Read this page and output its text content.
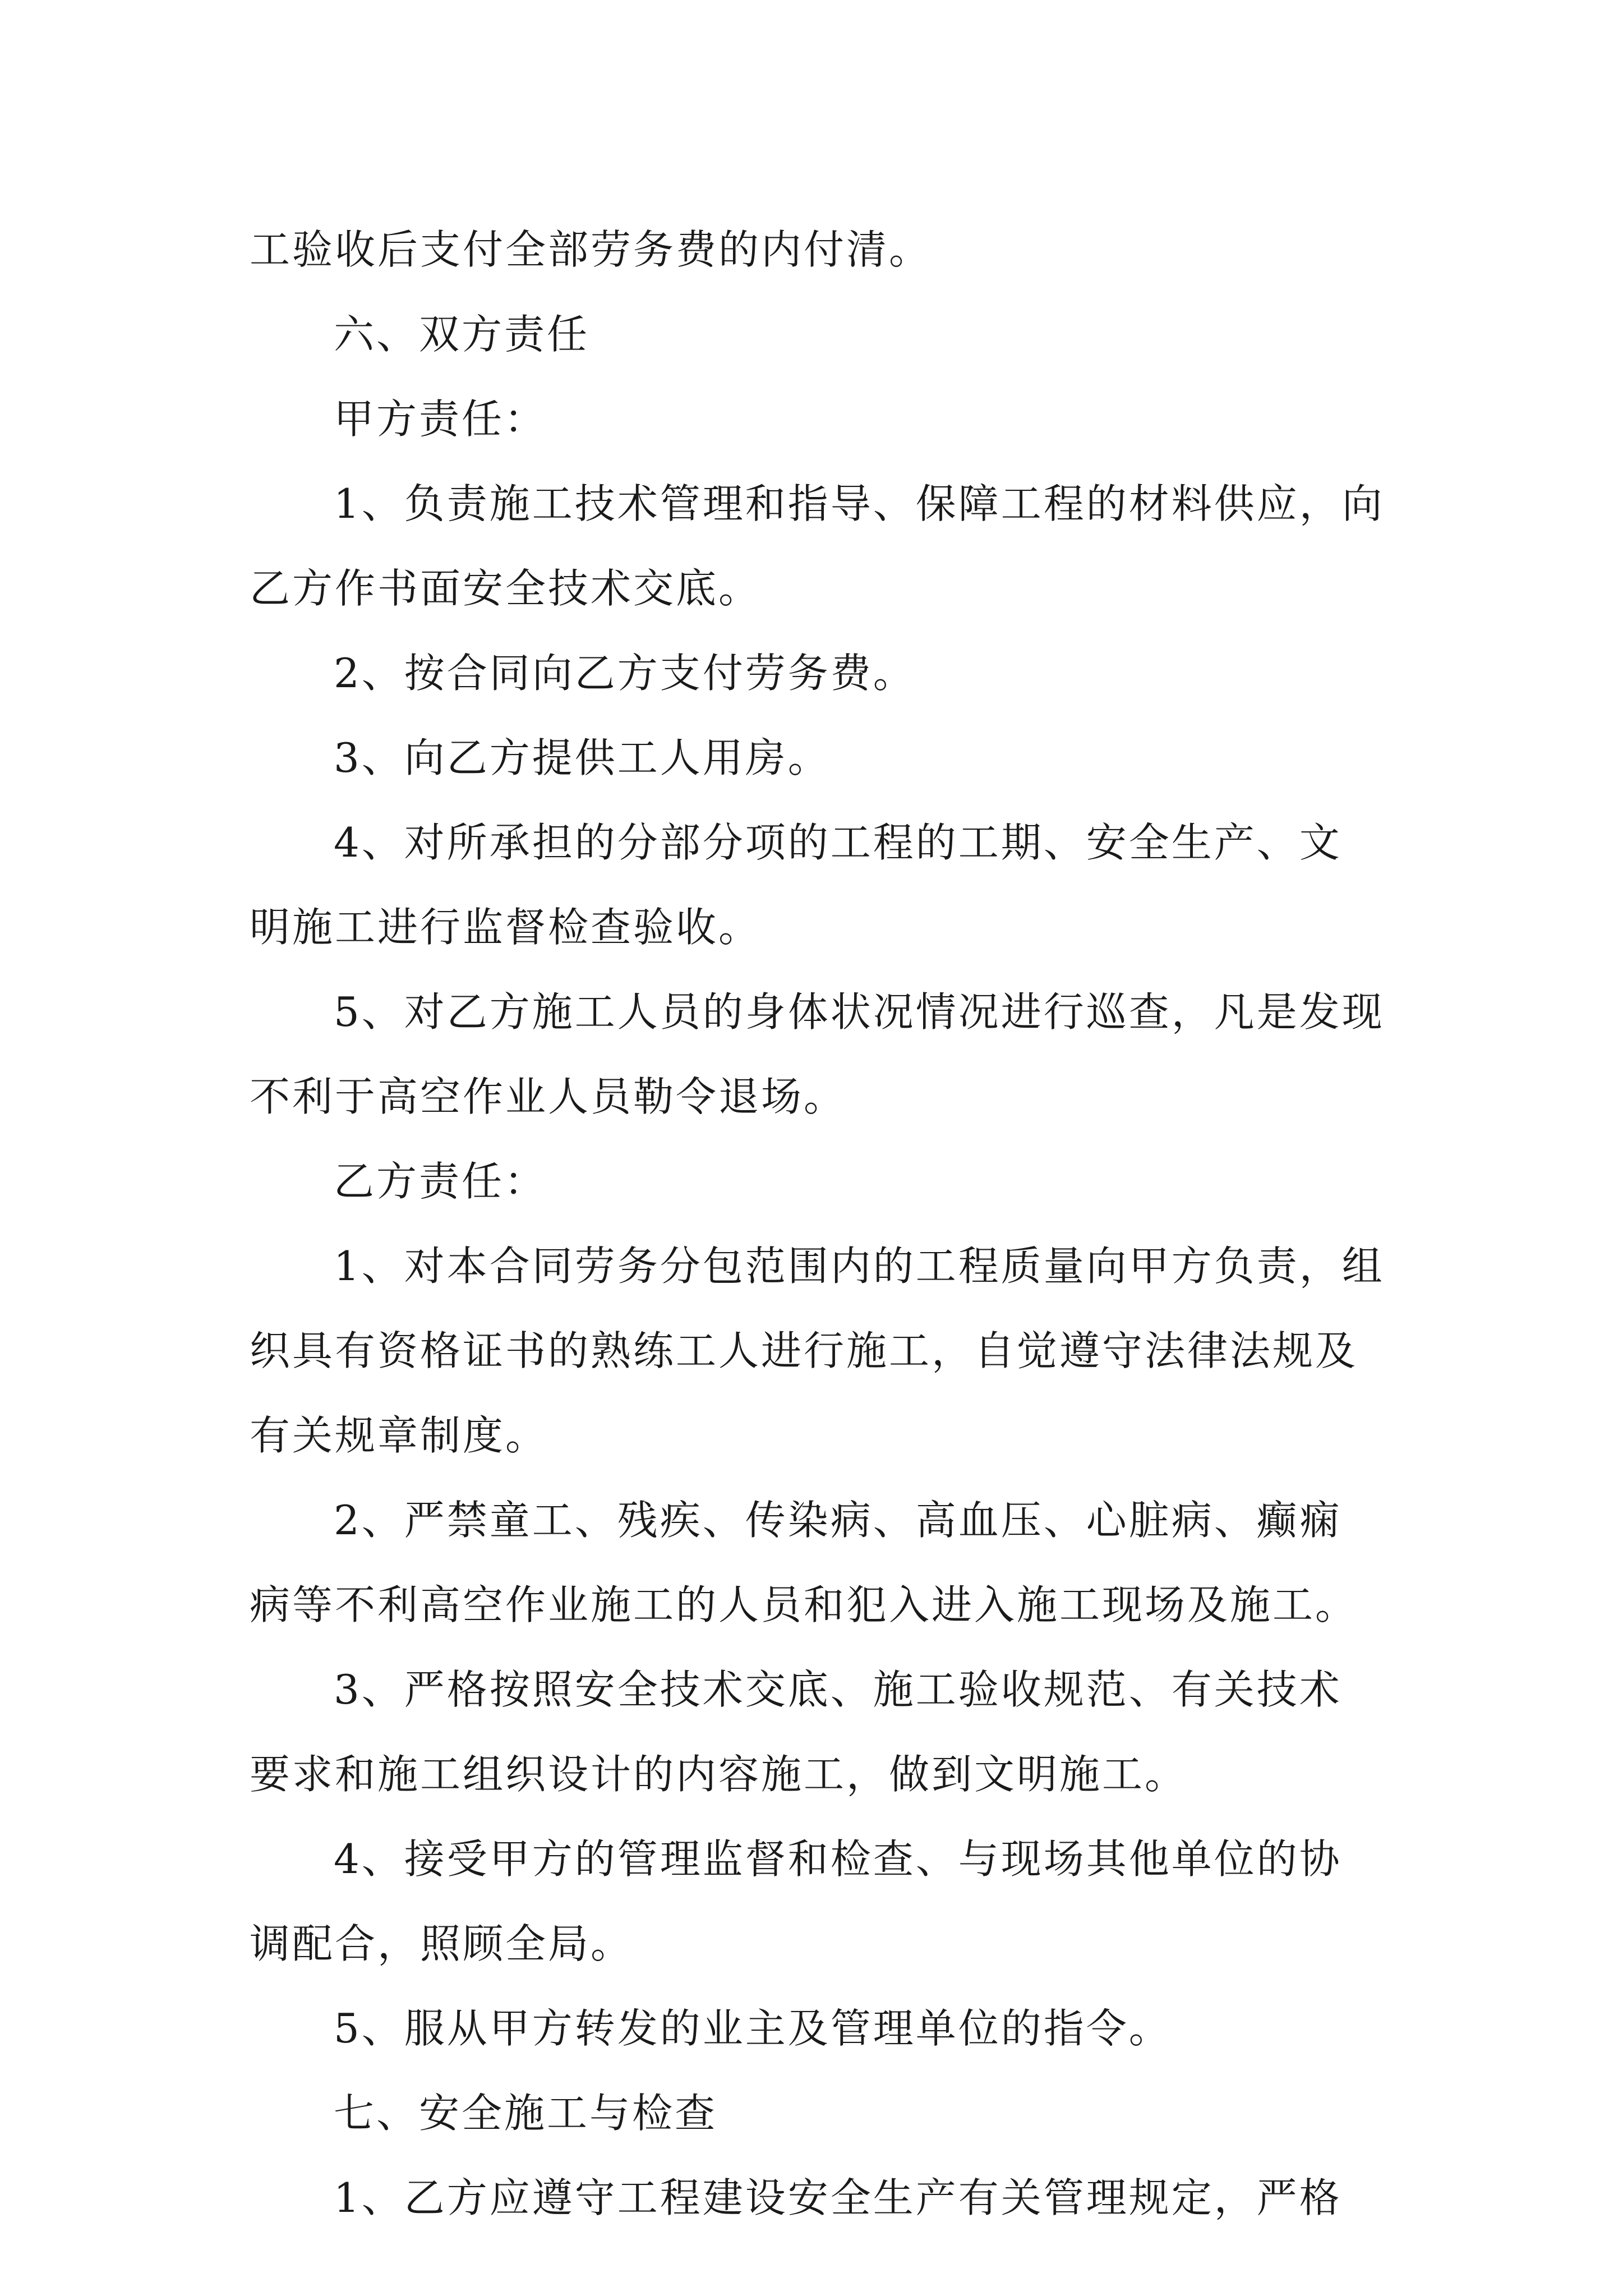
工验收后支付全部劳务费的内付清。
六、双方责任
甲方责任：
1、负责施工技术管理和指导、保障工程的材料供应，向
乙方作书面安全技术交底。
2、按合同向乙方支付劳务费。
3、向乙方提供工人用房。
4、对所承担的分部分项的工程的工期、安全生产、文
明施工进行监督检查验收。
5、对乙方施工人员的身体状况情况进行巡查，凡是发现
不利于高空作业人员勒令退场。
乙方责任：
1、对本合同劳务分包范围内的工程质量向甲方负责，组
织具有资格证书的熟练工人进行施工，自觉遵守法律法规及
有关规章制度。
2、严禁童工、残疾、传染病、高血压、心脏病、癫痫
病等不利高空作业施工的人员和犯入进入施工现场及施工。
3、严格按照安全技术交底、施工验收规范、有关技术
要求和施工组织设计的内容施工，做到文明施工。
4、接受甲方的管理监督和检查、与现场其他单位的协
调配合，照顾全局。
5、服从甲方转发的业主及管理单位的指令。
七、安全施工与检查
1、乙方应遵守工程建设安全生产有关管理规定，严格
